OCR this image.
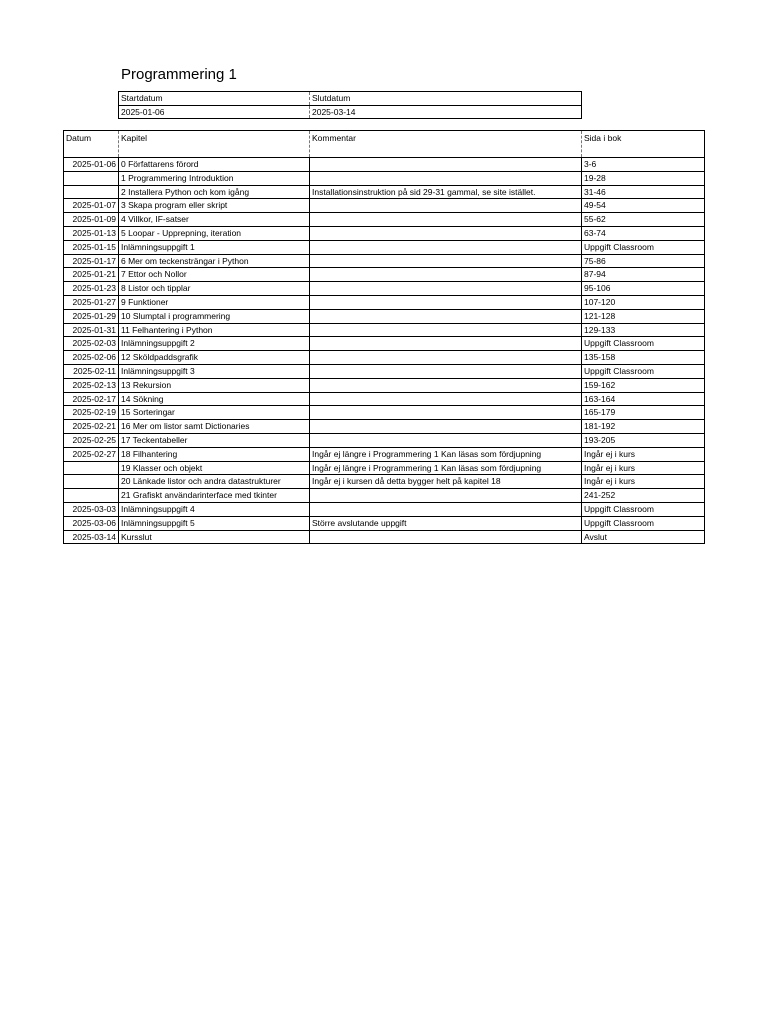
Programmering 1
Startdatum	Slutdatum
2025-01-06	2025-03-14
Datum	Kapitel	Kommentar	Sida i bok
2025-01-06	0 Författarens förord		3-6
	1 Programmering Introduktion		19-28
	2 Installera Python och kom igång	Installationsinstruktion på sid 29-31 gammal, se site istället.	31-46
2025-01-07	3 Skapa program eller skript		49-54
2025-01-09	4 Villkor, IF-satser		55-62
2025-01-13	5 Loopar - Upprepning, iteration		63-74
2025-01-15	Inlämningsuppgift 1		Uppgift Classroom
2025-01-17	6 Mer om teckensträngar i Python		75-86
2025-01-21	7 Ettor och Nollor		87-94
2025-01-23	8 Listor och tipplar		95-106
2025-01-27	9 Funktioner		107-120
2025-01-29	10 Slumptal i programmering		121-128
2025-01-31	11 Felhantering i Python		129-133
2025-02-03	Inlämningsuppgift 2		Uppgift Classroom
2025-02-06	12 Sköldpaddsgrafik		135-158
2025-02-11	Inlämningsuppgift 3		Uppgift Classroom
2025-02-13	13 Rekursion		159-162
2025-02-17	14 Sökning		163-164
2025-02-19	15 Sorteringar		165-179
2025-02-21	16 Mer om listor samt Dictionaries		181-192
2025-02-25	17 Teckentabeller		193-205
2025-02-27	18 Filhantering	Ingår ej längre i Programmering 1 Kan läsas som fördjupning	Ingår ej i kurs
	19 Klasser och objekt	Ingår ej längre i Programmering 1 Kan läsas som fördjupning	Ingår ej i kurs
	20 Länkade listor och andra datastrukturer	Ingår ej i kursen då detta bygger helt på kapitel 18	Ingår ej i kurs
	21 Grafiskt användarinterface med tkinter		241-252
2025-03-03	Inlämningsuppgift 4		Uppgift Classroom
2025-03-06	Inlämningsuppgift 5	Större avslutande uppgift	Uppgift Classroom
2025-03-14	Kursslut		Avslut
